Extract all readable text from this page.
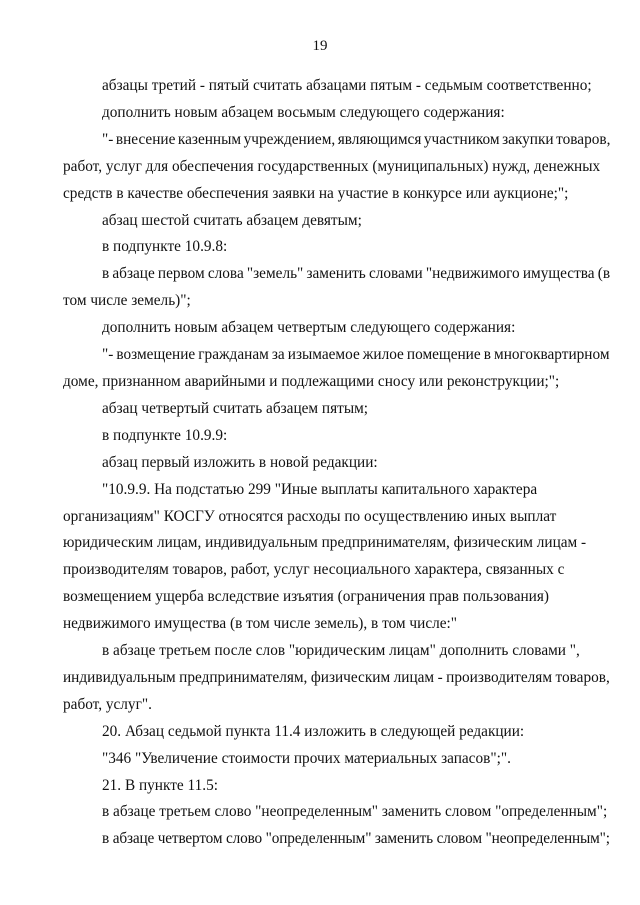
19

абзацы третий - пятый считать абзацами пятым - седьмым соответственно;

дополнить новым абзацем восьмым следующего содержания:

"- внесение казенным учреждением, являющимся участником закупки товаров,
работ, услуг для обеспечения государственных (муниципальных) нужд, денежных
средств в качестве обеспечения заявки на участие в конкурсе или аукционе;";

абзац шестой считать абзацем девятым;

в подпункте 10.9.8:

в абзаце первом слова "земель" заменить словами "недвижимого имущества (в
том числе земель)";

дополнить новым абзацем четвертым следующего содержания:

"- возмещение гражданам за изымаемое жилое помещение в многоквартирном
доме, признанном аварийными и подлежащими сносу или реконструкции;";

абзац четвертый считать абзацем пятым;

в подпункте 10.9.9:

абзац первый изложить в новой редакции:

"10.9.9. На подстатью 299 "Иные выплаты капитального характера
организациям" КОСГУ относятся расходы по осуществлению иных выплат
юридическим лицам, индивидуальным предпринимателям, физическим лицам -
производителям товаров, работ, услуг несоциального характера, связанных с
возмещением ущерба вследствие изъятия (ограничения прав пользования)
недвижимого имущества (в том числе земель), в том числе:"

в абзаце третьем после слов "юридическим лицам" дополнить словами ",
индивидуальным предпринимателям, физическим лицам - производителям товаров,
работ, услуг".

20. Абзац седьмой пункта 11.4 изложить в следующей редакции:

"346 "Увеличение стоимости прочих материальных запасов";".

21. В пункте 11.5:

в абзаце третьем слово "неопределенным" заменить словом "определенным";

в абзаце четвертом слово "определенным" заменить словом "неопределенным";
